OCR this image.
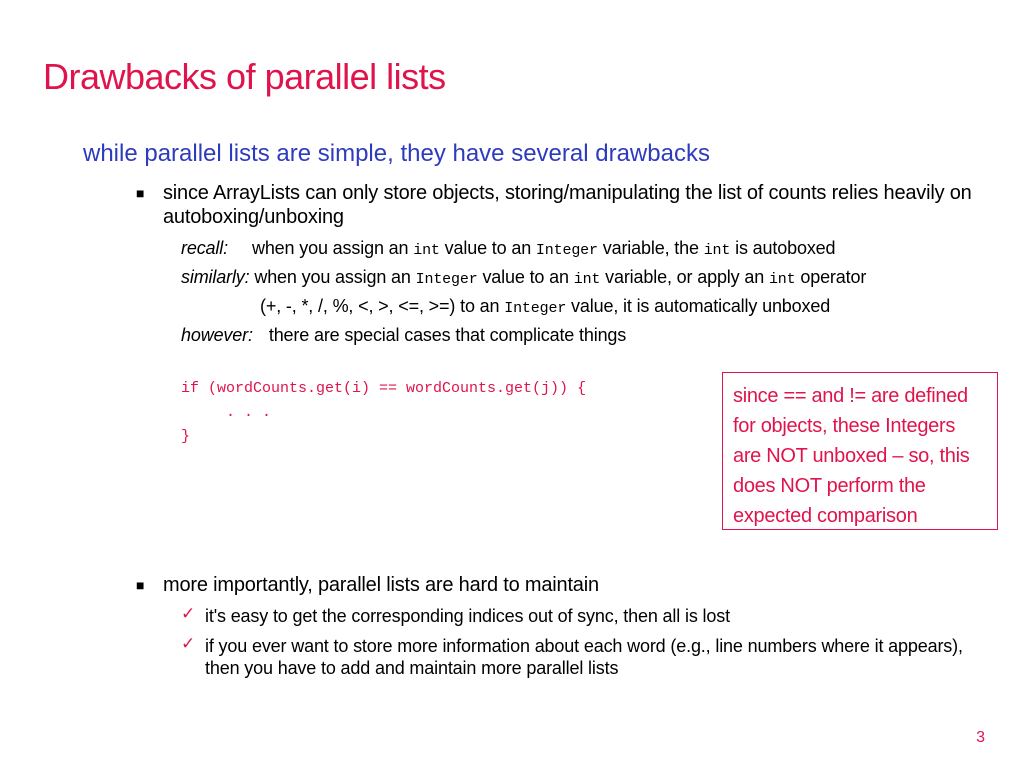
Drawbacks of parallel lists
while parallel lists are simple, they have several drawbacks
■ since ArrayLists can only store objects, storing/manipulating the list of counts relies heavily on autoboxing/unboxing
recall: when you assign an int value to an Integer variable, the int is autoboxed
similarly: when you assign an Integer value to an int variable, or apply an int operator
(+, -, *, /, %, <, >, <=, >=) to an Integer value, it is automatically unboxed
however: there are special cases that complicate things
if (wordCounts.get(i) == wordCounts.get(j)) {
. . .
}
since == and != are defined for objects, these Integers are NOT unboxed – so, this does NOT perform the expected comparison
■ more importantly, parallel lists are hard to maintain
✓ it's easy to get the corresponding indices out of sync, then all is lost
✓ if you ever want to store more information about each word (e.g., line numbers where it appears), then you have to add and maintain more parallel lists
3
